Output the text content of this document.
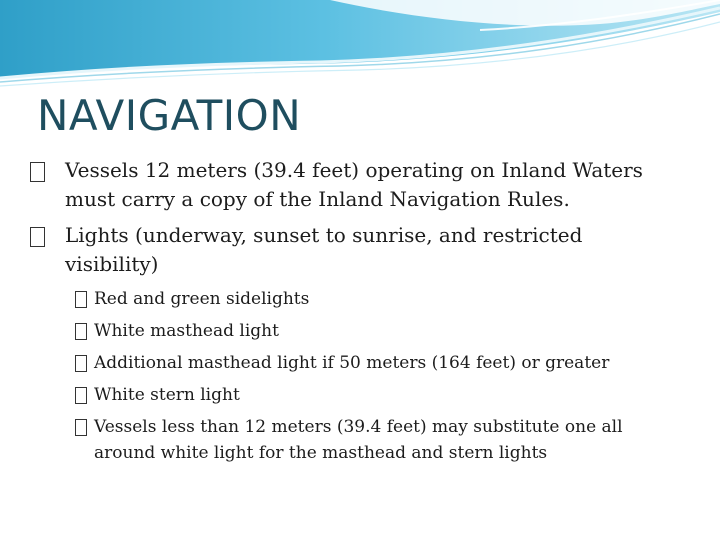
NAVIGATION
Vessels 12 meters (39.4 feet) operating on Inland Waters must carry a copy of the Inland Navigation Rules.
Lights (underway, sunset to sunrise, and restricted visibility)
Red and green sidelights
White masthead light
Additional masthead light if 50 meters (164 feet) or greater
White stern light
Vessels less than 12 meters (39.4 feet) may substitute one all around white light for the masthead and stern lights
